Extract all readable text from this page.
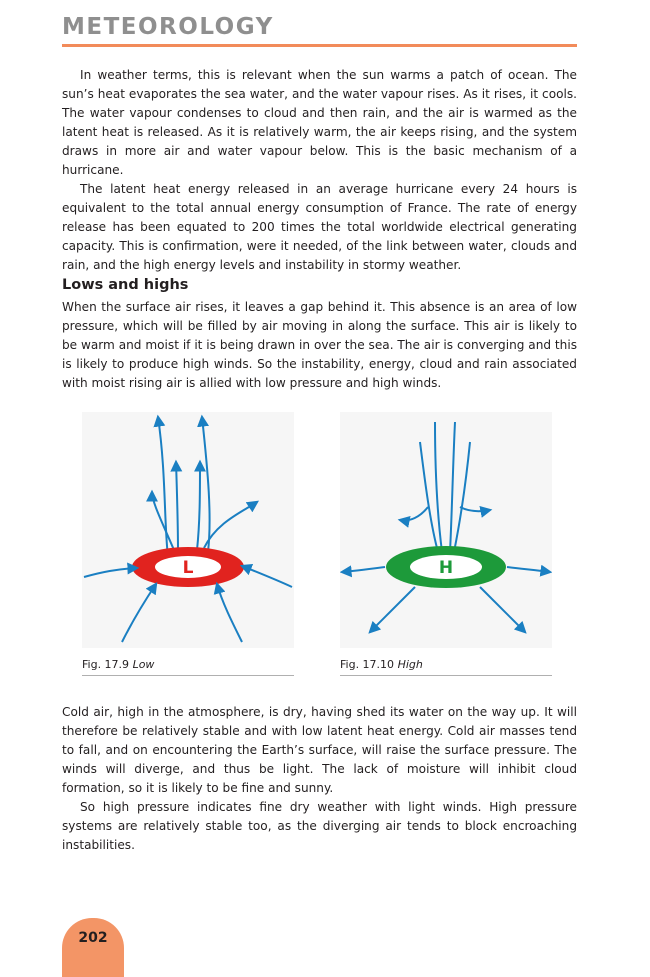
METEOROLOGY

In weather terms, this is relevant when the sun warms a patch of ocean. The sun’s heat evaporates the sea water, and the water vapour rises. As it rises, it cools. The water vapour condenses to cloud and then rain, and the air is warmed as the latent heat is released. As it is relatively warm, the air keeps rising, and the system draws in more air and water vapour below. This is the basic mechanism of a hurricane.

The latent heat energy released in an average hurricane every 24 hours is equivalent to the total annual energy consumption of France. The rate of energy release has been equated to 200 times the total worldwide electrical generating capacity. This is confirmation, were it needed, of the link between water, clouds and rain, and the high energy levels and instability in stormy weather.

Lows and highs

When the surface air rises, it leaves a gap behind it. This absence is an area of low pressure, which will be filled by air moving in along the surface. This air is likely to be warm and moist if it is being drawn in over the sea. The air is converging and this is likely to produce high winds. So the instability, energy, cloud and rain associated with moist rising air is allied with low pressure and high winds.

L
Fig. 17.9 Low
H
Fig. 17.10 High

Cold air, high in the atmosphere, is dry, having shed its water on the way up. It will therefore be relatively stable and with low latent heat energy. Cold air masses tend to fall, and on encountering the Earth’s surface, will raise the surface pressure. The winds will diverge, and thus be light. The lack of moisture will inhibit cloud formation, so it is likely to be fine and sunny.

So high pressure indicates fine dry weather with light winds. High pressure systems are relatively stable too, as the diverging air tends to block encroaching instabilities.

202
